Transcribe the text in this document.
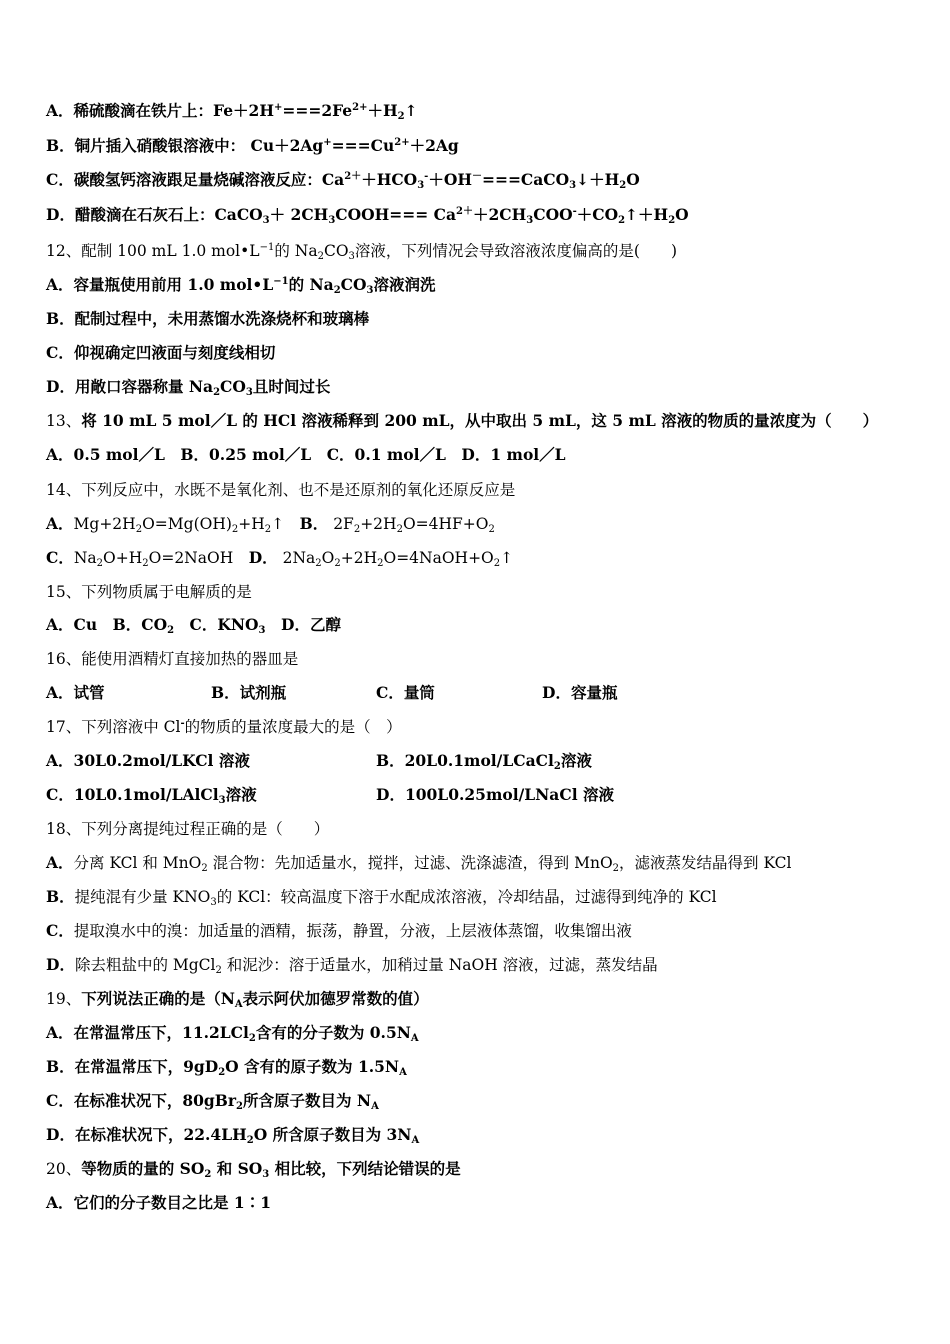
A．稀硫酸滴在铁片上：$Fe+2H^+===2Fe^{2+}+H_2↑$
B．铜片插入硝酸银溶液中： $Cu+2Ag^+===Cu^{2+}+2Ag$
C．碳酸氢钙溶液跟足量烧碱溶液反应：$Ca^{2+}+HCO_3^-+OH^-===CaCO_3↓+H_2O$
D．醋酸滴在石灰石上：CaCO$_3$＋ $2CH_3COOH===$ $Ca^{2+}+2CH_3COO^-+CO_2↑+H_2O$
12、配制 100 mL 1.0 $mol•L^{-1}$的 $Na_2CO_3$溶液，下列情况会导致溶液浓度偏高的是(　　)
A．容量瓶使用前用 1.0 $mol•L^{-1}$的 $Na_2CO_3$溶液润洗
B．配制过程中，未用蒸馏水洗涤烧杯和玻璃棒
C．仰视确定凹液面与刻度线相切
D．用敞口容器称量 $Na_2CO_3$且时间过长
13、将 10 mL 5 mol／L 的 HCl 溶液稀释到 200 mL，从中取出 5 mL，这 5 mL 溶液的物质的量浓度为（　　）
A．0.5 mol／L　B．0.25 mol／L　C．0.1 mol／L　D．1 mol／L
14、下列反应中，水既不是氧化剂、也不是还原剂的氧化还原反应是
A．$Mg+2H_2O=Mg(OH)_2+H_2↑$　B． $2F_2+2H_2O=4HF+O_2$
C．$Na_2O+H_2O=2NaOH$　D． $2Na_2O_2+2H_2O=4NaOH+O_2↑$
15、下列物质属于电解质的是
A．Cu　B．$CO_2$　C．$KNO_3$　D．乙醇
16、能使用酒精灯直接加热的器皿是
A．试管	B．试剂瓶	C．量筒	D．容量瓶
17、下列溶液中 Cl-的物质的量浓度最大的是（　）
A．30L0.2mol/LKCl 溶液	B．20L0.1mol/LCaCl$_2$溶液
C．10L0.1mol/LAlCl$_3$溶液	D．100L0.25mol/LNaCl 溶液
18、下列分离提纯过程正确的是（　　）
A．分离 KCl 和 MnO$_2$ 混合物：先加适量水，搅拌，过滤、洗涤滤渣，得到 MnO$_2$，滤液蒸发结晶得到 KCl
B．提纯混有少量 $KNO_3$的 KCl：较高温度下溶于水配成浓溶液，冷却结晶，过滤得到纯净的 KCl
C．提取溴水中的溴：加适量的酒精，振荡，静置，分液，上层液体蒸馏，收集馏出液
D．除去粗盐中的 MgCl$_2$ 和泥沙：溶于适量水，加稍过量 NaOH 溶液，过滤，蒸发结晶
19、下列说法正确的是（$N_A$表示阿伏加德罗常数的值）
A．在常温常压下，11.2LCl$_2$含有的分子数为 $0.5N_A$
B．在常温常压下，$9gD_2O$ 含有的原子数为 $1.5N_A$
C．在标准状况下，80gBr$_2$所含原子数目为 $N_A$
D．在标准状况下，$22.4LH_2O$ 所含原子数目为 $3N_A$
20、等物质的量的 $SO_2$ 和 $SO_3$ 相比较，下列结论错误的是
A．它们的分子数目之比是 1∶1
